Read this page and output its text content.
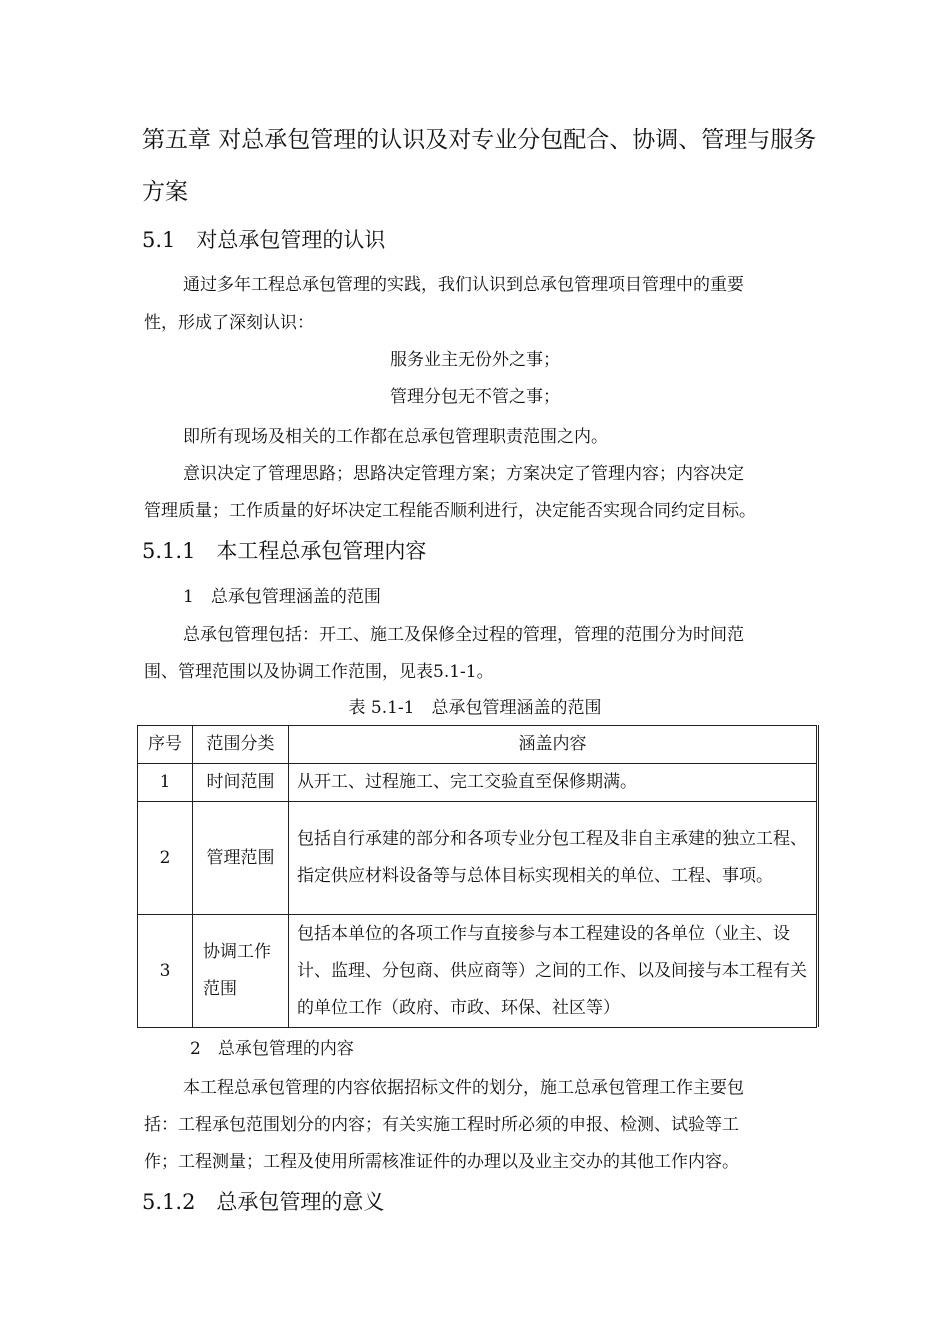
第五章 对总承包管理的认识及对专业分包配合、协调、管理与服务
方案
5.1　对总承包管理的认识
通过多年工程总承包管理的实践，我们认识到总承包管理项目管理中的重要
性，形成了深刻认识：
服务业主无份外之事；
管理分包无不管之事；
即所有现场及相关的工作都在总承包管理职责范围之内。
意识决定了管理思路；思路决定管理方案；方案决定了管理内容；内容决定
管理质量；工作质量的好坏决定工程能否顺利进行，决定能否实现合同约定目标。
5.1.1　本工程总承包管理内容
1　总承包管理涵盖的范围
总承包管理包括：开工、施工及保修全过程的管理，管理的范围分为时间范
围、管理范围以及协调工作范围，见表5.1-1。
表 5.1-1　总承包管理涵盖的范围
序号	范围分类	涵盖内容
1	时间范围	从开工、过程施工、完工交验直至保修期满。
2	管理范围	包括自行承建的部分和各项专业分包工程及非自主承建的独立工程、指定供应材料设备等与总体目标实现相关的单位、工程、事项。
3	协调工作范围	包括本单位的各项工作与直接参与本工程建设的各单位（业主、设计、监理、分包商、供应商等）之间的工作、以及间接与本工程有关的单位工作（政府、市政、环保、社区等）
2　总承包管理的内容
本工程总承包管理的内容依据招标文件的划分，施工总承包管理工作主要包
括：工程承包范围划分的内容；有关实施工程时所必须的申报、检测、试验等工
作；工程测量；工程及使用所需核准证件的办理以及业主交办的其他工作内容。
5.1.2　总承包管理的意义
